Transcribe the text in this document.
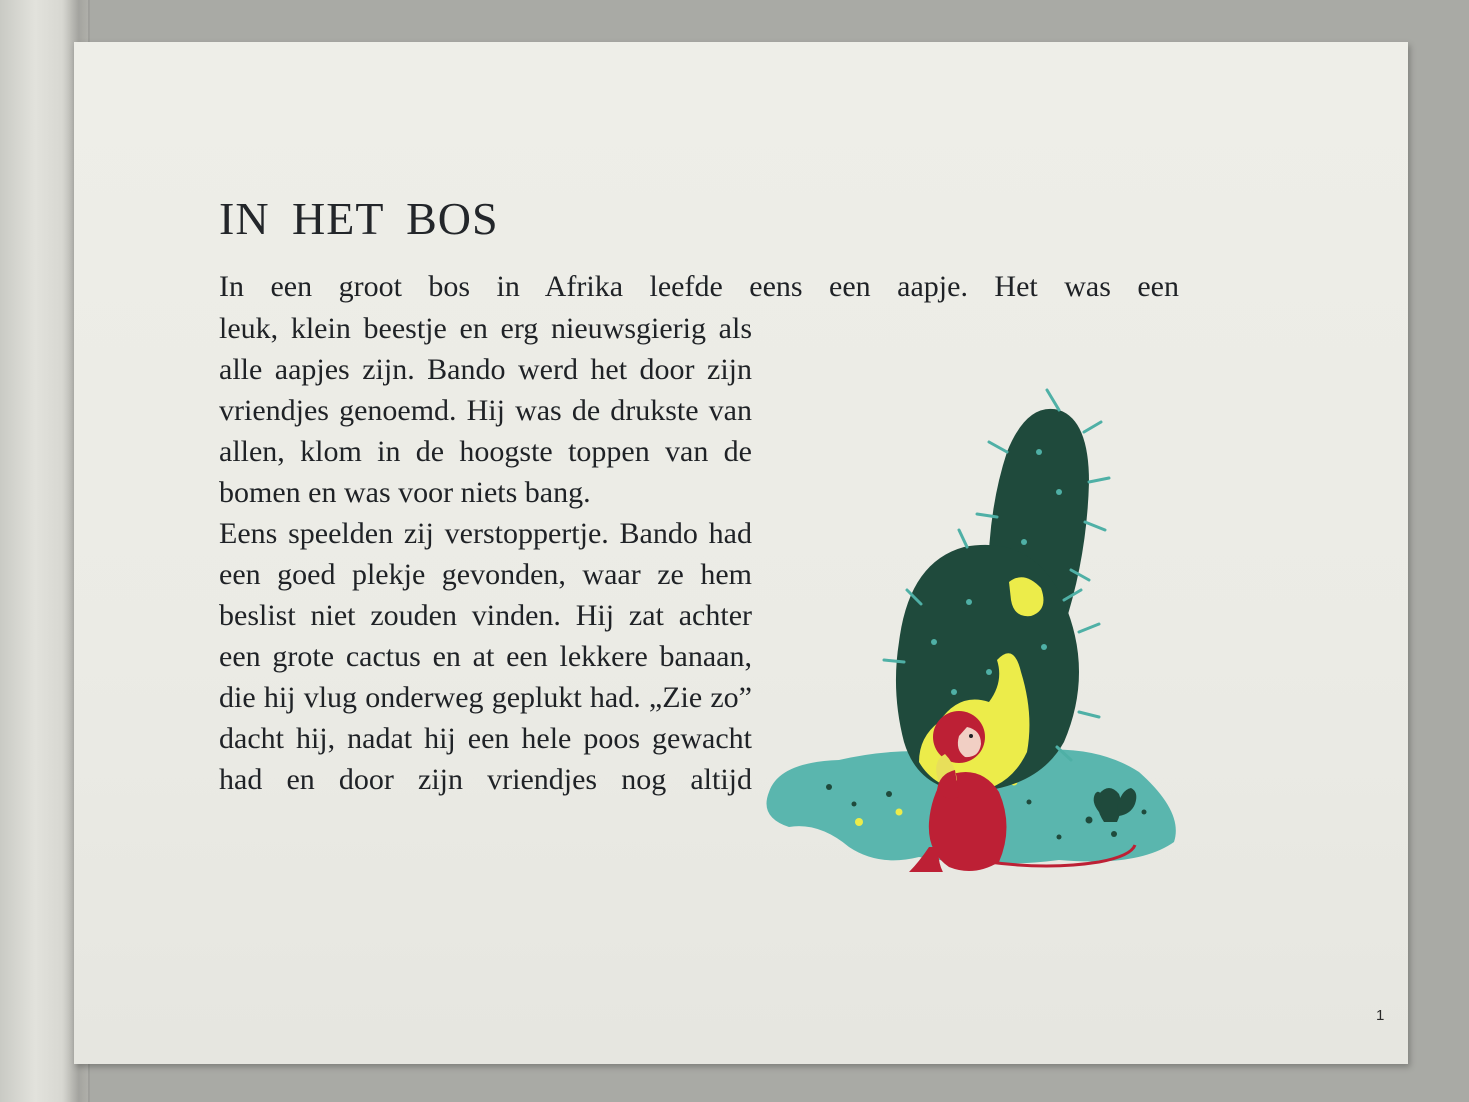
IN HET BOS

In een groot bos in Afrika leefde eens een aapje. Het was een

leuk, klein beestje en erg nieuwsgierig als alle aapjes zijn. Bando werd het door zijn vriendjes genoemd. Hij was de drukste van allen, klom in de hoogste toppen van de bomen en was voor niets bang.

Eens speelden zij verstoppertje. Bando had een goed plekje gevonden, waar ze hem beslist niet zouden vinden. Hij zat achter een grote cactus en at een lekkere banaan, die hij vlug onderweg geplukt had. „Zie zo” dacht hij, nadat hij een hele poos gewacht had en door zijn vriendjes nog altijd

1
